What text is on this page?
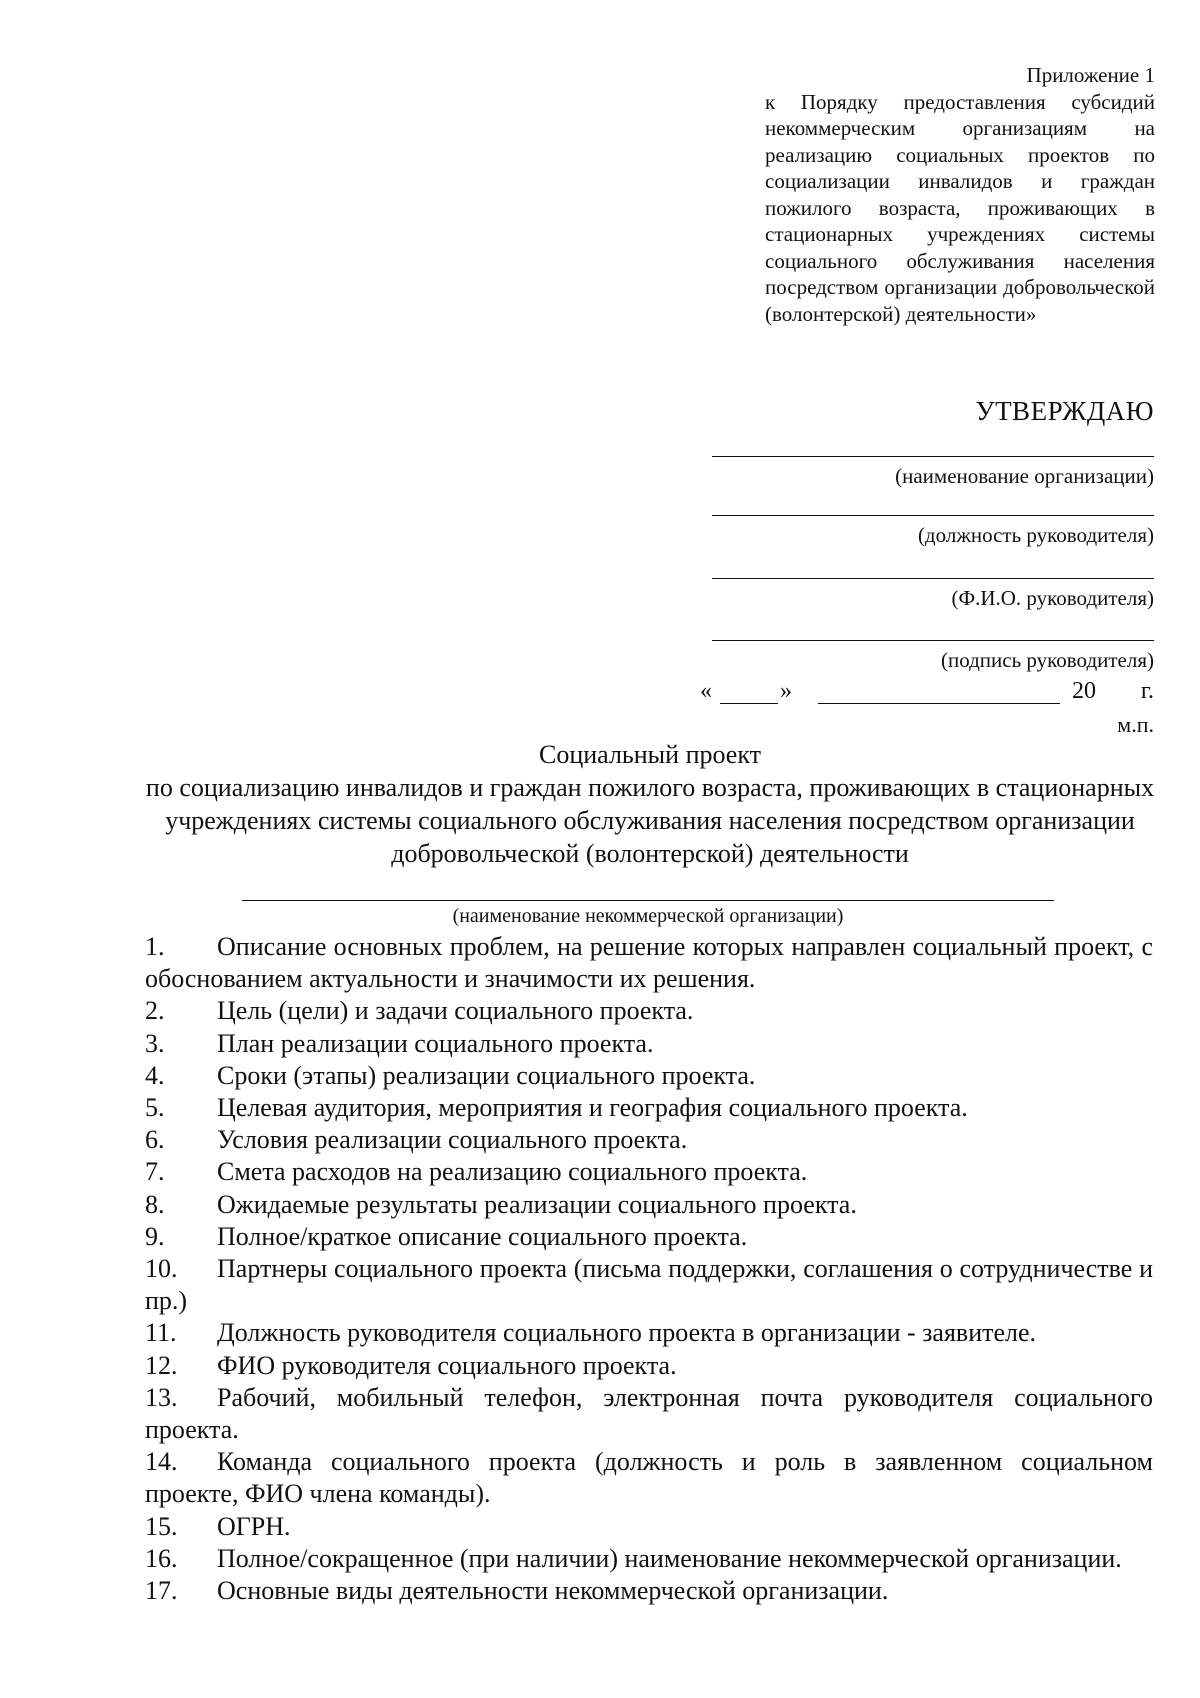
Приложение 1
к Порядку предоставления субсидий некоммерческим организациям на реализацию социальных проектов по социализации инвалидов и граждан пожилого возраста, проживающих в стационарных учреждениях системы социального обслуживания населения посредством организации добровольческой (волонтерской) деятельности»
УТВЕРЖДАЮ
(наименование организации)
(должность руководителя)
(Ф.И.О. руководителя)
(подпись руководителя)
«	»	20 г.
м.п.
Социальный проект
по социализацию инвалидов и граждан пожилого возраста, проживающих в стационарных учреждениях системы социального обслуживания населения посредством организации добровольческой (волонтерской) деятельности
(наименование некоммерческой организации)
1. Описание основных проблем, на решение которых направлен социальный проект, с обоснованием актуальности и значимости их решения.
2. Цель (цели) и задачи социального проекта.
3. План реализации социального проекта.
4. Сроки (этапы) реализации социального проекта.
5. Целевая аудитория, мероприятия и география социального проекта.
6. Условия реализации социального проекта.
7. Смета расходов на реализацию социального проекта.
8. Ожидаемые результаты реализации социального проекта.
9. Полное/краткое описание социального проекта.
10. Партнеры социального проекта (письма поддержки, соглашения о сотрудничестве и пр.)
11. Должность руководителя социального проекта в организации - заявителе.
12. ФИО руководителя социального проекта.
13. Рабочий, мобильный телефон, электронная почта руководителя социального проекта.
14. Команда социального проекта (должность и роль в заявленном социальном проекте, ФИО члена команды).
15. ОГРН.
16. Полное/сокращенное (при наличии) наименование некоммерческой организации.
17. Основные виды деятельности некоммерческой организации.
